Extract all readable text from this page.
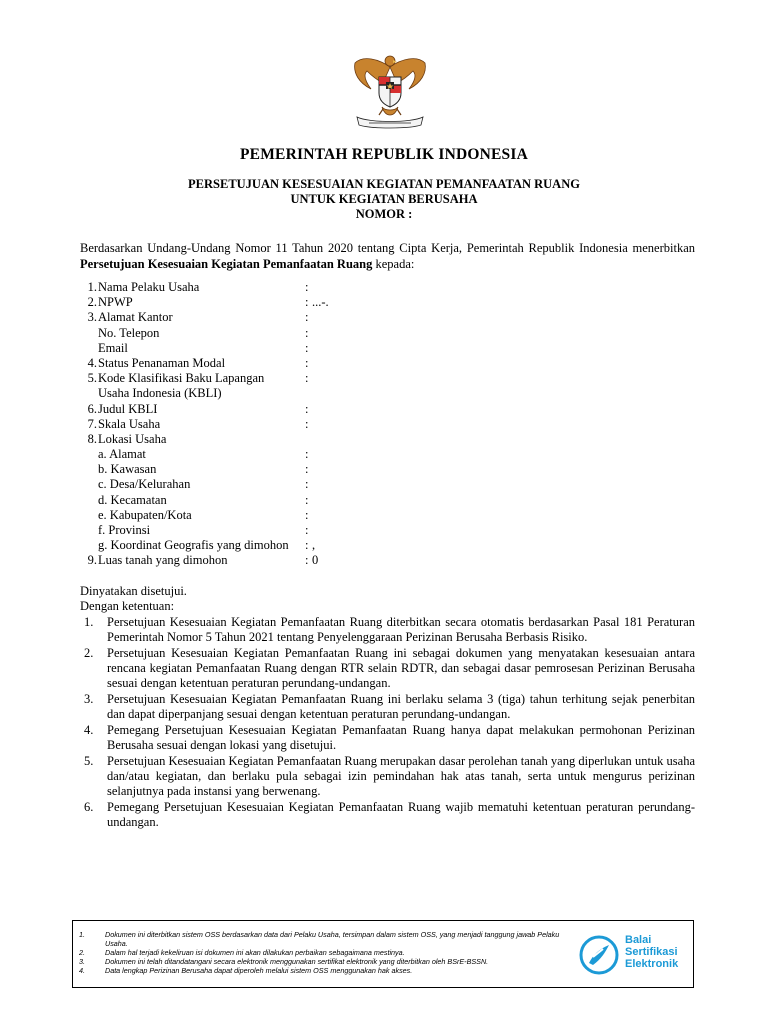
PEMERINTAH REPUBLIK INDONESIA
PERSETUJUAN KESESUAIAN KEGIATAN PEMANFAATAN RUANG
UNTUK KEGIATAN BERUSAHA
NOMOR :
Berdasarkan Undang-Undang Nomor 11 Tahun 2020 tentang Cipta Kerja, Pemerintah Republik Indonesia menerbitkan Persetujuan Kesesuaian Kegiatan Pemanfaatan Ruang kepada:
1. Nama Pelaku Usaha	:
2. NPWP	: ...-.
3. Alamat Kantor	:
No. Telepon	:
Email	:
4. Status Penanaman Modal	:
5. Kode Klasifikasi Baku Lapangan	:
Usaha Indonesia (KBLI)
6. Judul KBLI	:
7. Skala Usaha	:
8. Lokasi Usaha
a. Alamat	:
b. Kawasan	:
c. Desa/Kelurahan	:
d. Kecamatan	:
e. Kabupaten/Kota	:
f. Provinsi	:
g. Koordinat Geografis yang dimohon : ,
9. Luas tanah yang dimohon	: 0
Dinyatakan disetujui.
Dengan ketentuan:
1. Persetujuan Kesesuaian Kegiatan Pemanfaatan Ruang diterbitkan secara otomatis berdasarkan Pasal 181 Peraturan Pemerintah Nomor 5 Tahun 2021 tentang Penyelenggaraan Perizinan Berusaha Berbasis Risiko.
2. Persetujuan Kesesuaian Kegiatan Pemanfaatan Ruang ini sebagai dokumen yang menyatakan kesesuaian antara rencana kegiatan Pemanfaatan Ruang dengan RTR selain RDTR, dan sebagai dasar pemrosesan Perizinan Berusaha sesuai dengan ketentuan peraturan perundang-undangan.
3. Persetujuan Kesesuaian Kegiatan Pemanfaatan Ruang ini berlaku selama 3 (tiga) tahun terhitung sejak penerbitan dan dapat diperpanjang sesuai dengan ketentuan peraturan perundang-undangan.
4. Pemegang Persetujuan Kesesuaian Kegiatan Pemanfaatan Ruang hanya dapat melakukan permohonan Perizinan Berusaha sesuai dengan lokasi yang disetujui.
5. Persetujuan Kesesuaian Kegiatan Pemanfaatan Ruang merupakan dasar perolehan tanah yang diperlukan untuk usaha dan/atau kegiatan, dan berlaku pula sebagai izin pemindahan hak atas tanah, serta untuk mengurus perizinan selanjutnya pada instansi yang berwenang.
6. Pemegang Persetujuan Kesesuaian Kegiatan Pemanfaatan Ruang wajib mematuhi ketentuan peraturan perundang-undangan.
1.	Dokumen ini diterbitkan sistem OSS berdasarkan data dari Pelaku Usaha, tersimpan dalam sistem OSS, yang menjadi tanggung jawab Pelaku Usaha.
2.	Dalam hal terjadi kekeliruan isi dokumen ini akan dilakukan perbaikan sebagaimana mestinya.
3.	Dokumen ini telah ditandatangani secara elektronik menggunakan sertifikat elektronik yang diterbitkan oleh BSrE-BSSN.
4.	Data lengkap Perizinan Berusaha dapat diperoleh melalui sistem OSS menggunakan hak akses.
Balai
Sertifikasi
Elektronik
